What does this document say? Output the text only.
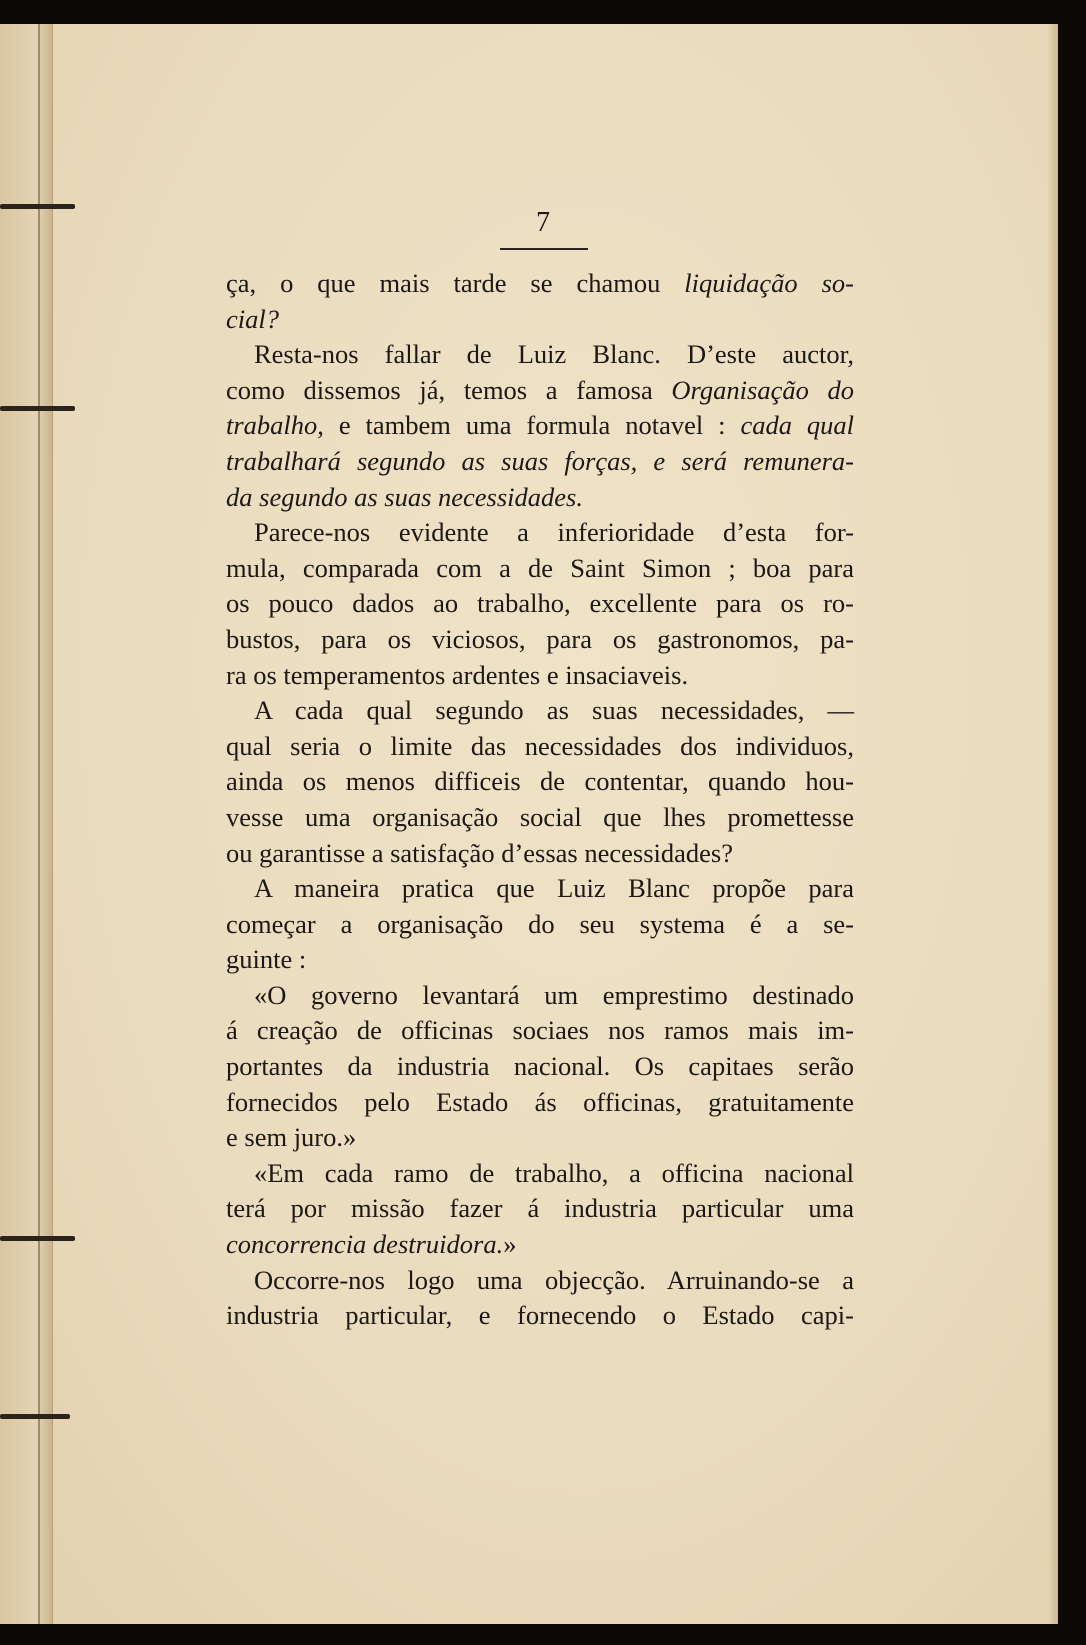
7
ça, o que mais tarde se chamou liquidação so-
cial?
Resta-nos fallar de Luiz Blanc. D’este auctor,
como dissemos já, temos a famosa Organisação do
trabalho, e tambem uma formula notavel : cada qual
trabalhará segundo as suas forças, e será remunera-
da segundo as suas necessidades.
Parece-nos evidente a inferioridade d’esta for-
mula, comparada com a de Saint Simon ; boa para
os pouco dados ao trabalho, excellente para os ro-
bustos, para os viciosos, para os gastronomos, pa-
ra os temperamentos ardentes e insaciaveis.
A cada qual segundo as suas necessidades, —
qual seria o limite das necessidades dos individuos,
ainda os menos difficeis de contentar, quando hou-
vesse uma organisação social que lhes promettesse
ou garantisse a satisfação d’essas necessidades?
A maneira pratica que Luiz Blanc propõe para
começar a organisação do seu systema é a se-
guinte :
«O governo levantará um emprestimo destinado
á creação de officinas sociaes nos ramos mais im-
portantes da industria nacional. Os capitaes serão
fornecidos pelo Estado ás officinas, gratuitamente
e sem juro.»
«Em cada ramo de trabalho, a officina nacional
terá por missão fazer á industria particular uma
concorrencia destruidora.»
Occorre-nos logo uma objecção. Arruinando-se a
industria particular, e fornecendo o Estado capi-
